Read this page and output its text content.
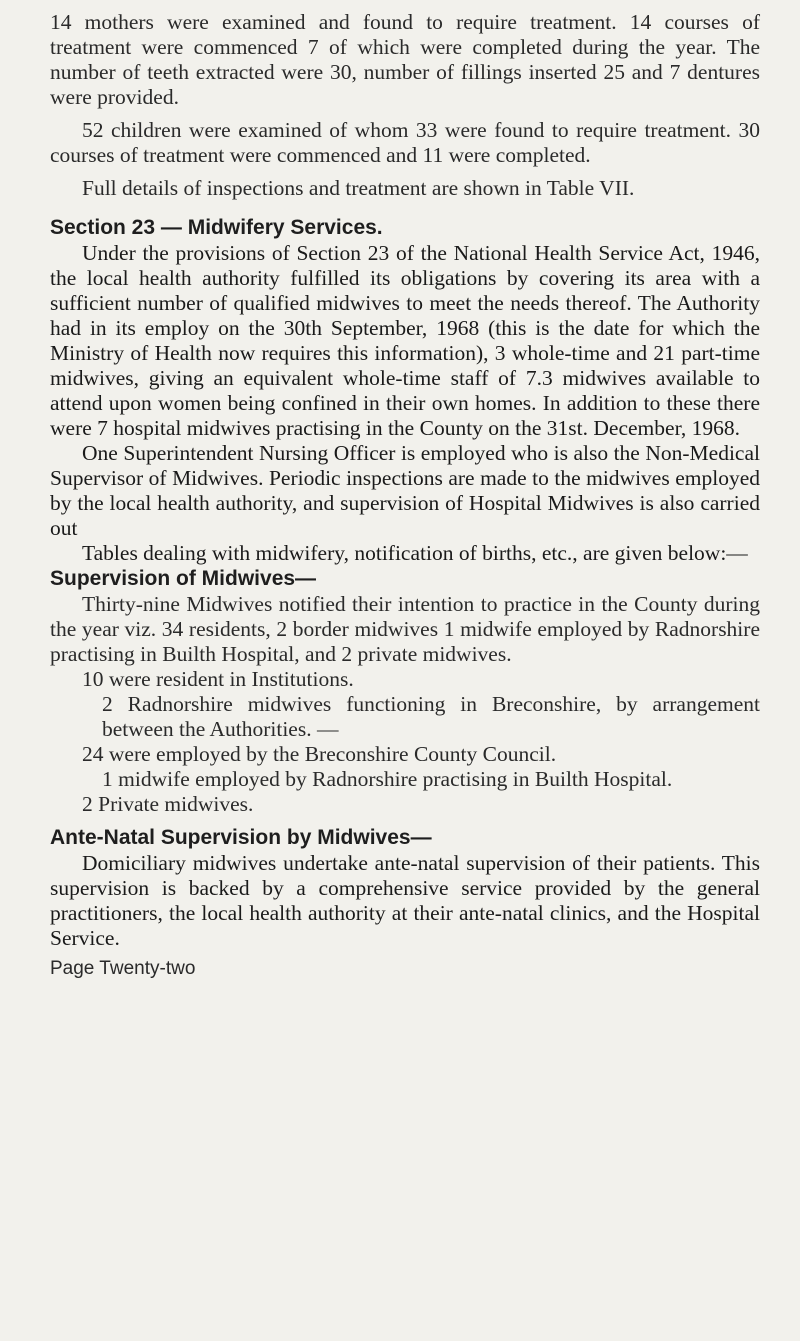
14 mothers were examined and found to require treatment. 14 courses of treatment were commenced 7 of which were completed during the year. The number of teeth extracted were 30, number of fillings inserted 25 and 7 dentures were provided.

52 children were examined of whom 33 were found to require treatment. 30 courses of treatment were commenced and 11 were completed.

Full details of inspections and treatment are shown in Table VII.

Section 23 — Midwifery Services.

Under the provisions of Section 23 of the National Health Service Act, 1946, the local health authority fulfilled its obligations by covering its area with a sufficient number of qualified midwives to meet the needs thereof. The Authority had in its employ on the 30th September, 1968 (this is the date for which the Ministry of Health now requires this information), 3 whole-time and 21 part-time midwives, giving an equivalent whole-time staff of 7.3 midwives available to attend upon women being confined in their own homes. In addition to these there were 7 hospital midwives practising in the County on the 31st. December, 1968.

One Superintendent Nursing Officer is employed who is also the Non-Medical Supervisor of Midwives. Periodic inspections are made to the midwives employed by the local health authority, and supervision of Hospital Midwives is also carried out

Tables dealing with midwifery, notification of births, etc., are given below:—

Supervision of Midwives—

Thirty-nine Midwives notified their intention to practice in the County during the year viz. 34 residents, 2 border midwives 1 midwife employed by Radnorshire practising in Builth Hospital, and 2 private midwives.

10 were resident in Institutions.

2 Radnorshire midwives functioning in Breconshire, by arrangement between the Authorities. —

24 were employed by the Breconshire County Council.

1 midwife employed by Radnorshire practising in Builth Hospital.

2 Private midwives.

Ante-Natal Supervision by Midwives—

Domiciliary midwives undertake ante-natal supervision of their patients. This supervision is backed by a comprehensive service provided by the general practitioners, the local health authority at their ante-natal clinics, and the Hospital Service.

Page Twenty-two
